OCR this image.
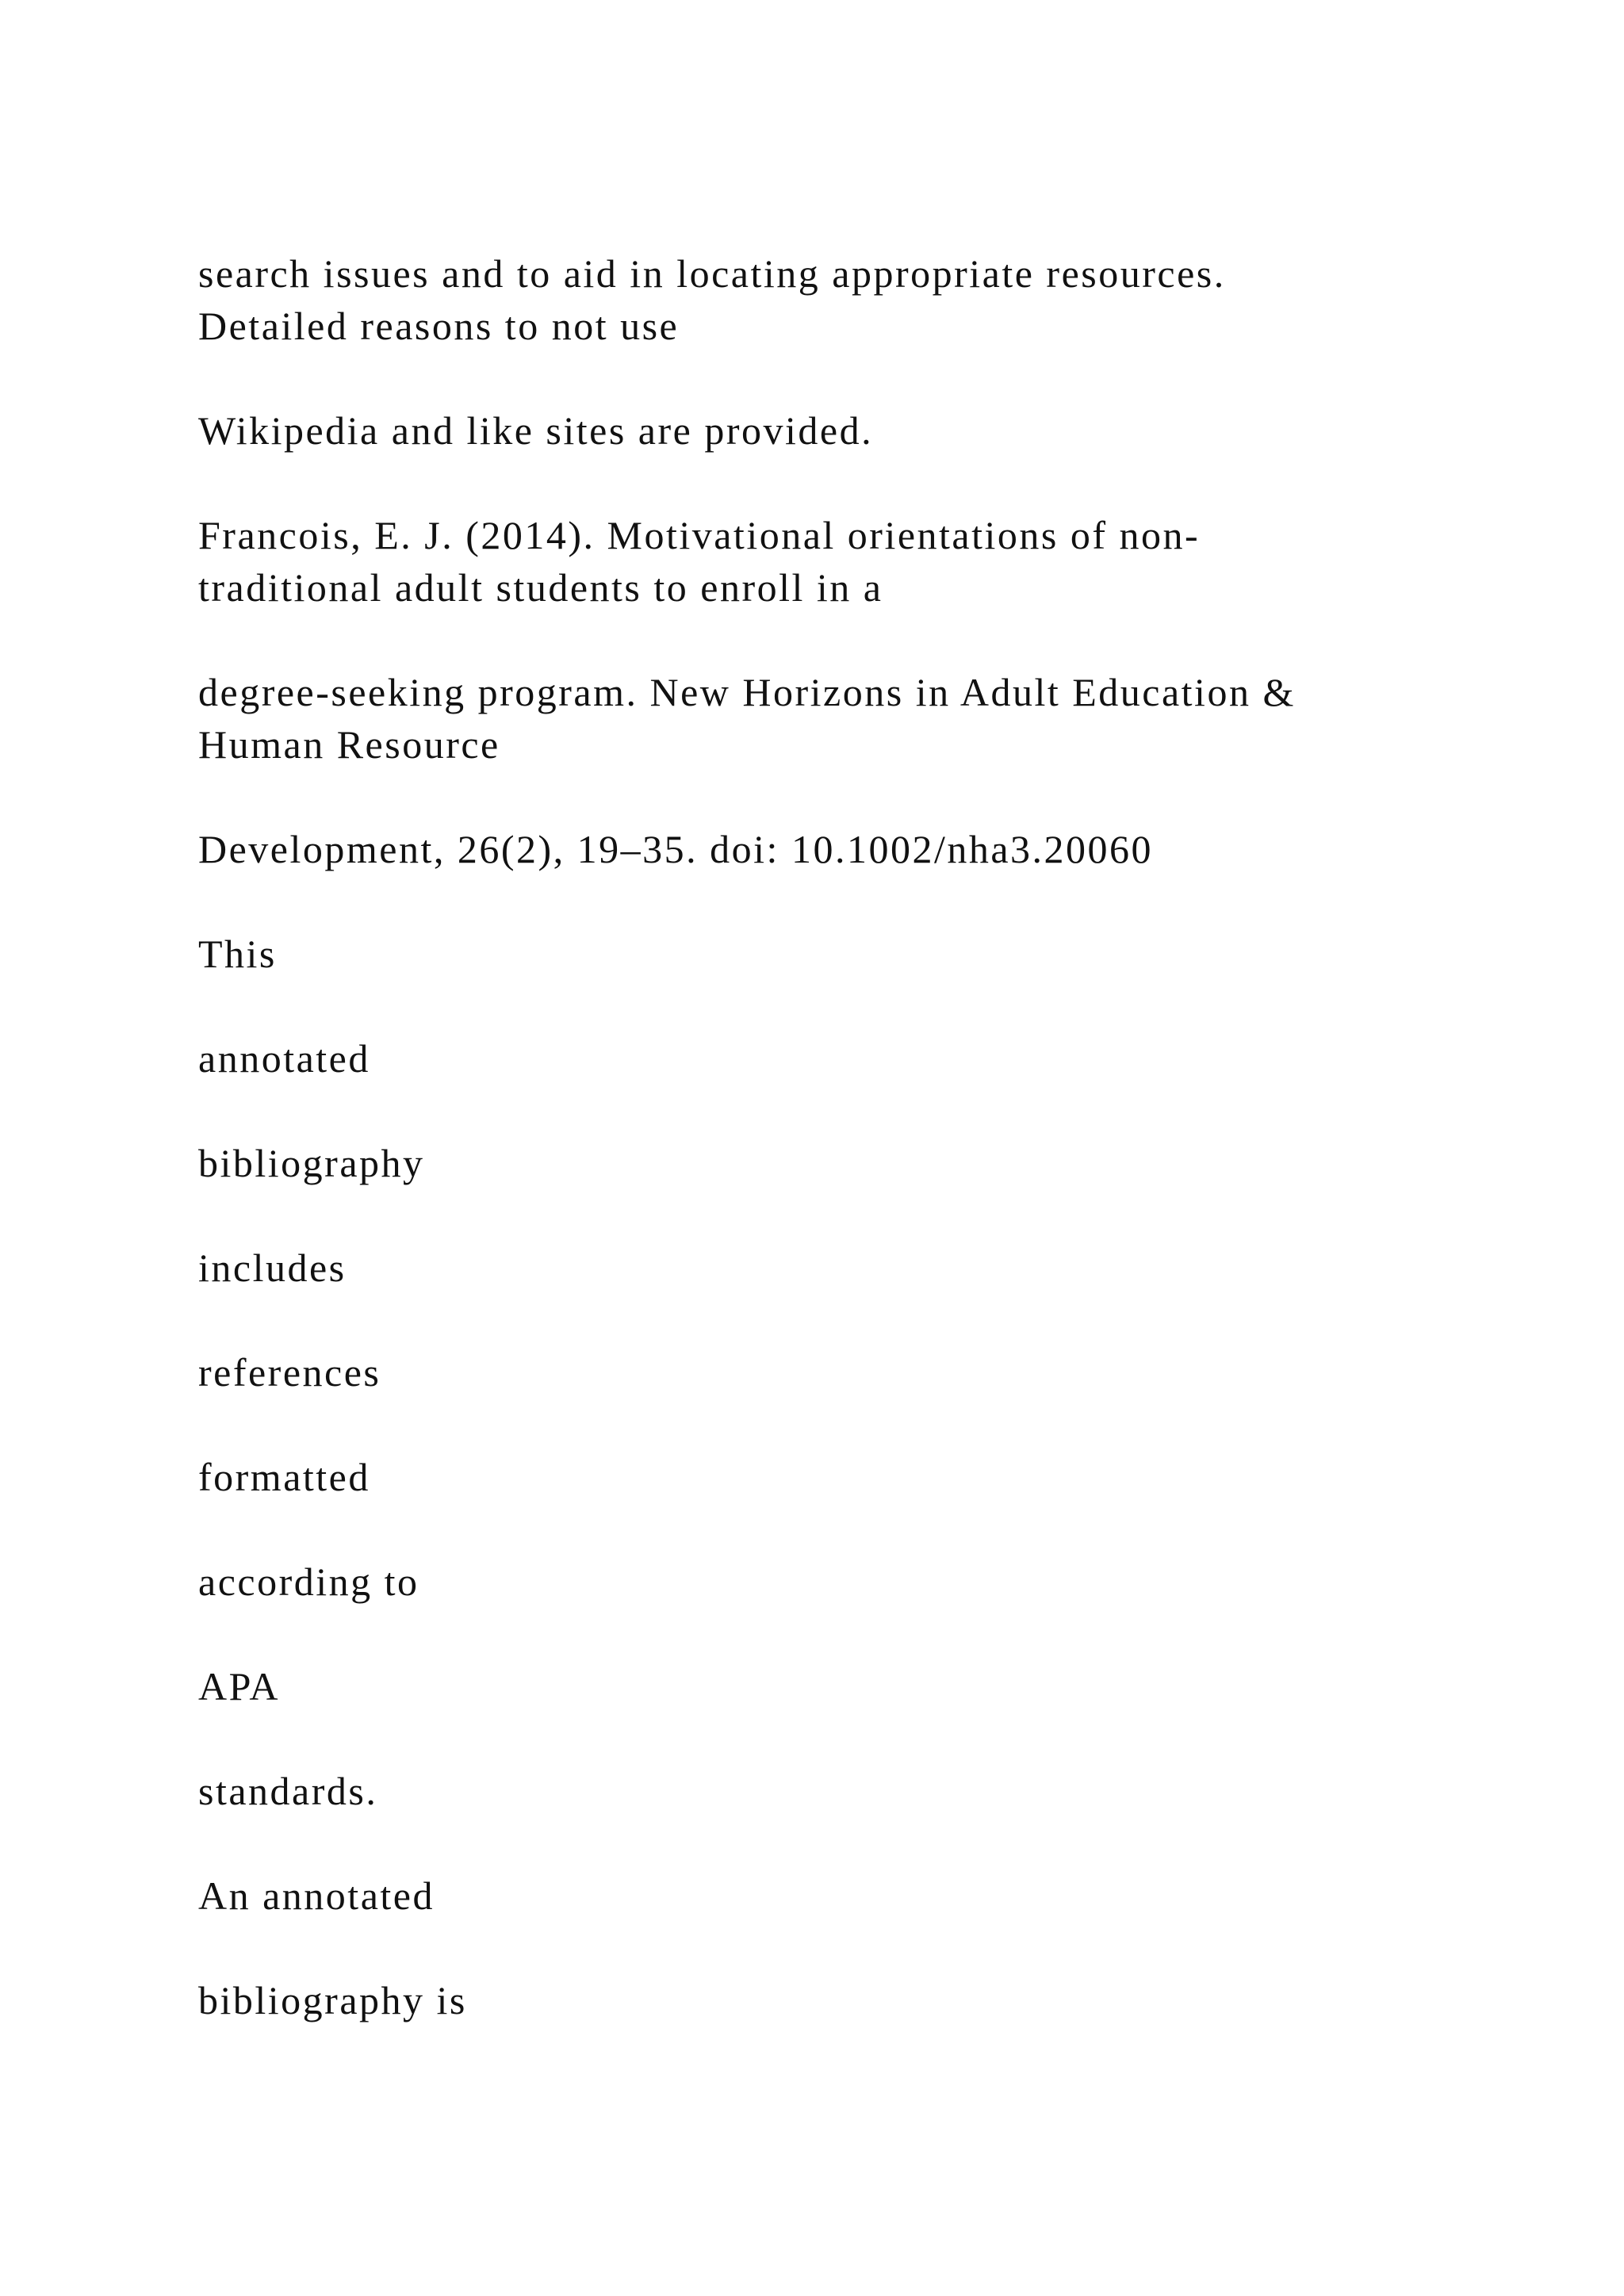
search issues and to aid in locating appropriate resources.
Detailed reasons to not use
Wikipedia and like sites are provided.
Francois, E. J. (2014). Motivational orientations of non-
traditional adult students to enroll in a
degree-seeking program. New Horizons in Adult Education &
Human Resource
Development, 26(2), 19–35. doi: 10.1002/nha3.20060
This
annotated
bibliography
includes
references
formatted
according to
APA
standards.
An annotated
bibliography is
